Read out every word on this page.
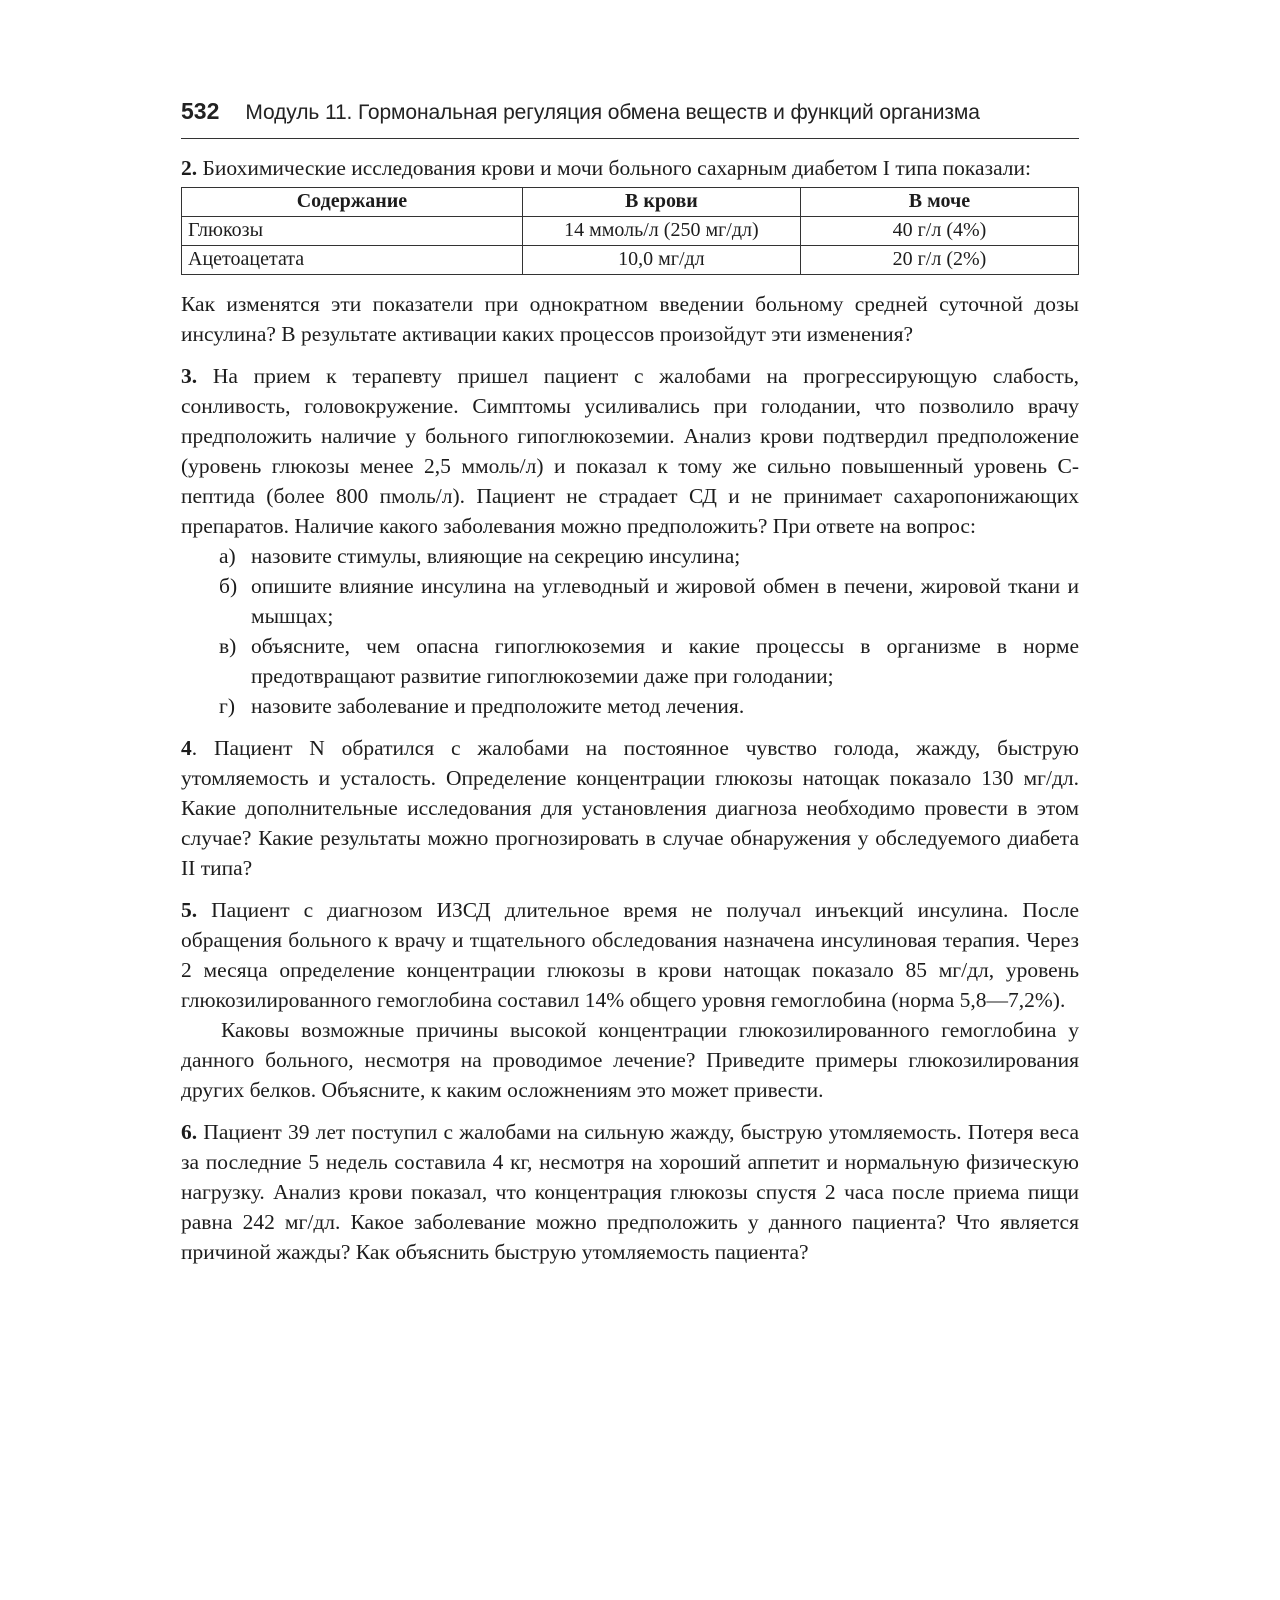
532 Модуль 11. Гормональная регуляция обмена веществ и функций организма

2. Биохимические исследования крови и мочи больного сахарным диабетом I типа показали:

Содержание	В крови	В моче
Глюкозы	14 ммоль/л (250 мг/дл)	40 г/л (4%)
Ацетоацетата	10,0 мг/дл	20 г/л (2%)

Как изменятся эти показатели при однократном введении больному средней суточной дозы инсулина? В результате активации каких процессов произойдут эти изменения?

3. На прием к терапевту пришел пациент с жалобами на прогрессирующую слабость, сонливость, головокружение. Симптомы усиливались при голодании, что позволило врачу предположить наличие у больного гипоглюкоземии. Анализ крови подтвердил предположение (уровень глюкозы менее 2,5 ммоль/л) и показал к тому же сильно повышенный уровень С-пептида (более 800 пмоль/л). Пациент не страдает СД и не принимает сахаропонижающих препаратов. Наличие какого заболевания можно предположить? При ответе на вопрос:

а) назовите стимулы, влияющие на секрецию инсулина;
б) опишите влияние инсулина на углеводный и жировой обмен в печени, жировой ткани и мышцах;
в) объясните, чем опасна гипоглюкоземия и какие процессы в организме в норме предотвращают развитие гипоглюкоземии даже при голодании;
г) назовите заболевание и предположите метод лечения.

4. Пациент N обратился с жалобами на постоянное чувство голода, жажду, быструю утомляемость и усталость. Определение концентрации глюкозы натощак показало 130 мг/дл. Какие дополнительные исследования для установления диагноза необходимо провести в этом случае? Какие результаты можно прогнозировать в случае обнаружения у обследуемого диабета II типа?

5. Пациент с диагнозом ИЗСД длительное время не получал инъекций инсулина. После обращения больного к врачу и тщательного обследования назначена инсулиновая терапия. Через 2 месяца определение концентрации глюкозы в крови натощак показало 85 мг/дл, уровень глюкозилированного гемоглобина составил 14% общего уровня гемоглобина (норма 5,8—7,2%).

Каковы возможные причины высокой концентрации глюкозилированного гемоглобина у данного больного, несмотря на проводимое лечение? Приведите примеры глюкозилирования других белков. Объясните, к каким осложнениям это может привести.

6. Пациент 39 лет поступил с жалобами на сильную жажду, быструю утомляемость. Потеря веса за последние 5 недель составила 4 кг, несмотря на хороший аппетит и нормальную физическую нагрузку. Анализ крови показал, что концентрация глюкозы спустя 2 часа после приема пищи равна 242 мг/дл. Какое заболевание можно предположить у данного пациента? Что является причиной жажды? Как объяснить быструю утомляемость пациента?
